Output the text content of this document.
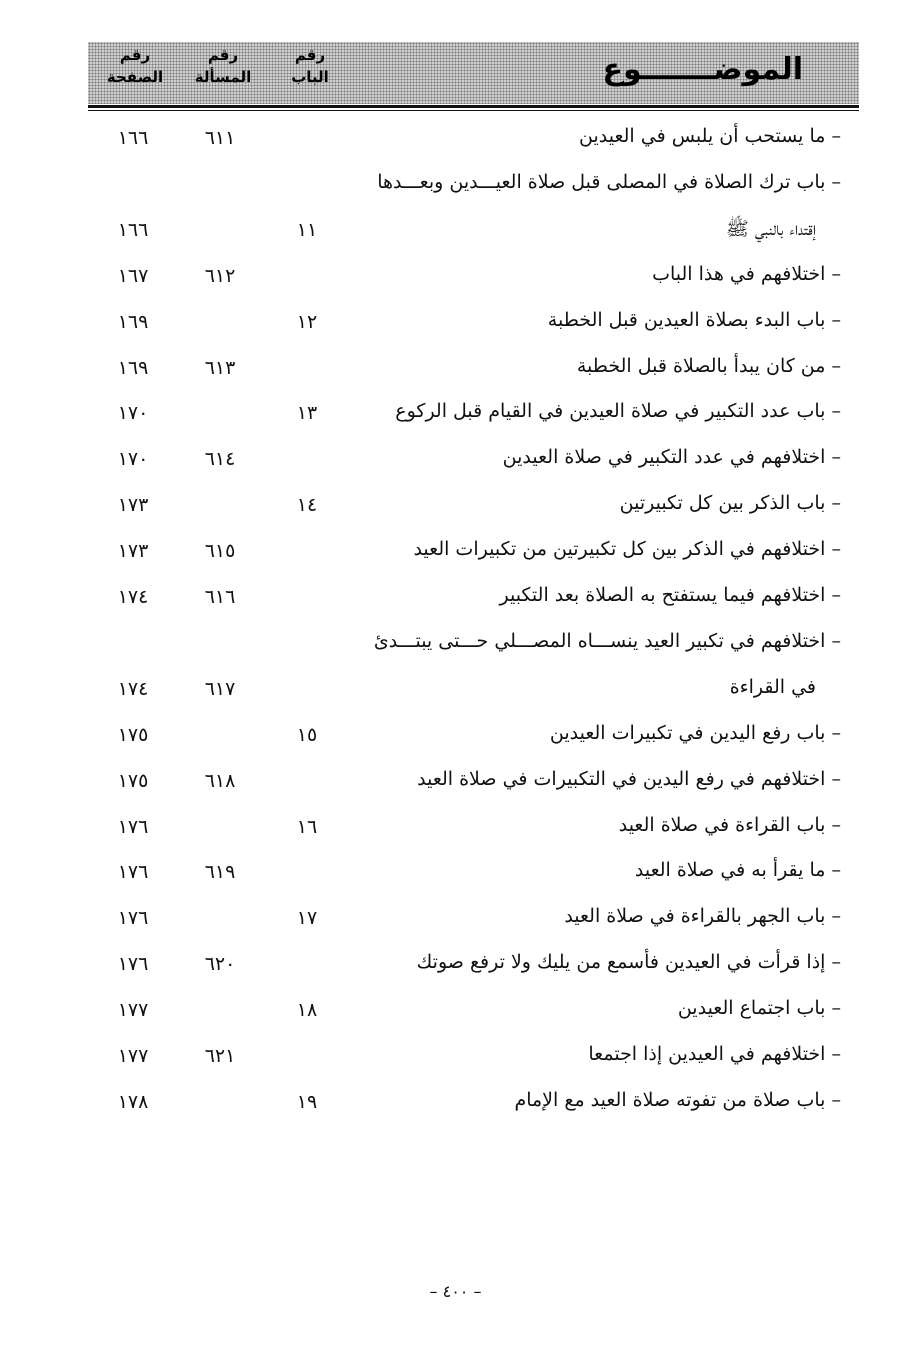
الموضـــــــوع
رقم
الباب
رقم
المسألة
رقم
الصفحة
– ما يستحب أن يلبس في العيدين
٦١١
١٦٦
– باب ترك الصلاة في المصلى قبل صلاة العيـــدين وبعـــدها
إقتداء بالنبي ﷺ
١١
١٦٦
– اختلافهم في هذا الباب
٦١٢
١٦٧
– باب البدء بصلاة العيدين قبل الخطبة
١٢
١٦٩
– من كان يبدأ بالصلاة قبل الخطبة
٦١٣
١٦٩
– باب عدد التكبير في صلاة العيدين في القيام قبل الركوع
١٣
١٧٠
– اختلافهم في عدد التكبير في صلاة العيدين
٦١٤
١٧٠
– باب الذكر بين كل تكبيرتين
١٤
١٧٣
– اختلافهم في الذكر بين كل تكبيرتين من تكبيرات العيد
٦١٥
١٧٣
– اختلافهم فيما يستفتح به الصلاة بعد التكبير
٦١٦
١٧٤
– اختلافهم في تكبير العيد ينســـاه المصـــلي حـــتى يبتـــدئ
في القراءة
٦١٧
١٧٤
– باب رفع اليدين في تكبيرات العيدين
١٥
١٧٥
– اختلافهم في رفع اليدين في التكبيرات في صلاة العيد
٦١٨
١٧٥
– باب القراءة في صلاة العيد
١٦
١٧٦
– ما يقرأ به في صلاة العيد
٦١٩
١٧٦
– باب الجهر بالقراءة في صلاة العيد
١٧
١٧٦
– إذا قرأت في العيدين فأسمع من يليك ولا ترفع صوتك
٦٢٠
١٧٦
– باب اجتماع العيدين
١٨
١٧٧
– اختلافهم في العيدين إذا اجتمعا
٦٢١
١٧٧
– باب صلاة من تفوته صلاة العيد مع الإمام
١٩
١٧٨
– ٤٠٠ –
